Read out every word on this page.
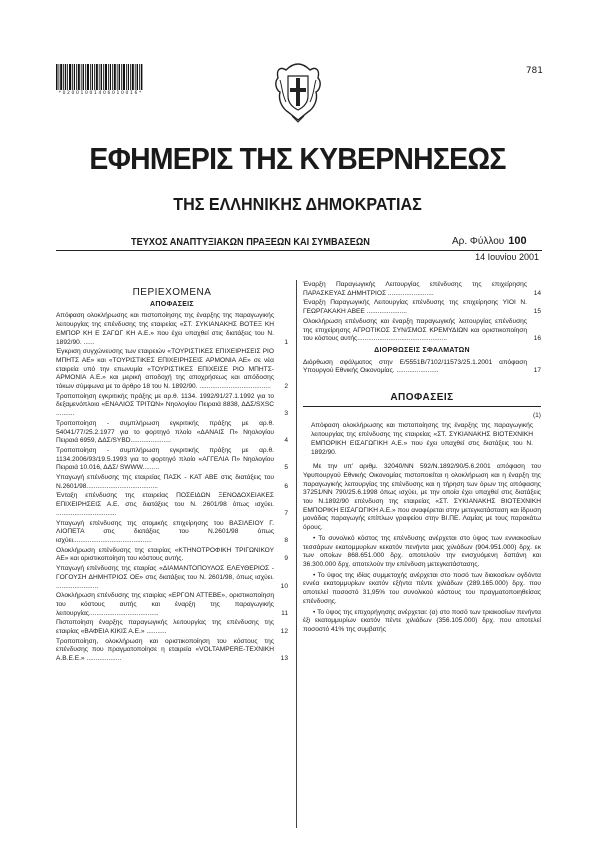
* 0 2 0 0 1 0 0 1 4 0 6 0 1 0 0 1 6 *
781
ΕΦΗΜΕΡΙΣ ΤΗΣ ΚΥΒΕΡΝΗΣΕΩΣ
ΤΗΣ ΕΛΛΗΝΙΚΗΣ ΔΗΜΟΚΡΑΤΙΑΣ
ΤΕΥΧΟΣ ΑΝΑΠΤΥΞΙΑΚΩΝ ΠΡΑΞΕΩΝ ΚΑΙ ΣΥΜΒΑΣΕΩΝ	Αρ. Φύλλου 100
14 Ιουνίου 2001
ΠΕΡΙΕΧΟΜΕΝΑ
ΑΠΟΦΑΣΕΙΣ
Απόφαση ολοκλήρωσης και πιστοποίησης της έναρξης της παραγωγικής λειτουργίας της επένδυσης της εταιρείας «ΣΤ. ΣΥΚΙΑΝΑΚΗΣ ΒΟΤΕΞ ΚΗ ΕΜΠΟΡ ΚΗ Ε ΣΑΓΩΓ ΚΗ Α.Ε.» που έχει υπαχθεί στις διατάξεις του Ν. 1892/90. ......	1
Έγκριση συγχώνευσης των εταιρειών «ΤΟΥΡΙΣΤΙΚΕΣ ΕΠΙΧΕΙΡΗΣΕΙΣ ΡΙΟ ΜΠΗΤΣ ΑΕ» και «ΤΟΥΡΙΣΤΙΚΕΣ ΕΠΙΧΕΙΡΗΣΕΙΣ ΑΡΜΟΝΙΑ ΑΕ» σε νέα εταιρεία υπό την επωνυμία «ΤΟΥΡΙΣΤΙΚΕΣ ΕΠΙΧΕΙΣΕ ΡΙΟ ΜΠΗΤΣ-ΑΡΜΟΝΙΑ Α.Ε.» και μερική αποδοχή της αποχρήσεως και απόδοσης τόκων σύμφωνα με το άρθρο 18 του Ν. 1892/90. .......................................	2
Τροποποίηση εγκριτικής πράξης με αρ.θ. 1134. 1992/91/27.1.1992 για το δεξαμενόπλοιο «ΕΝΑΛΙΟΣ ΤΡΙΤΩΝ» Νηολογίου Πειραιά 8838, ΔΔΣ/SXSC ..........	3
Τροποποίηση - συμπλήρωση εγκριτικής πράξης με αρ.θ. 54041/77/25.2.1977 για το φορτηγό πλοίο «ΔΑΝΑΙΣ Π» Νηολογίου Πειραιά 6959, ΔΔΣ/SYBD......................	4
Τροποποίηση - συμπλήρωση εγκριτικής πράξης με αρ.θ. 1134.2006/93/19.5.1993 για το φορτηγό πλοίο «ΑΓΓΕΛΙΑ Π» Νηολογίου Πειραιά 10.016, ΔΔΣ/ SWWW.........	5
Υπαγωγή επένδυσης της εταιρείας ΠΑΣΚ - ΚΑΤ ΑΒΕ στις διατάξεις του Ν.2601/98.......................................	6
Ένταξη επένδυσης της εταιρείας ΠΟΣΕΙΔΩΝ ΞΕΝΟΔΟΧΕΙΑΚΕΣ ΕΠΙΧΕΙΡΗΣΕΙΣ Α.Ε. στις διατάξεις του Ν. 2601/98 όπως ισχύει. .................................	7
Υπαγωγή επένδυσης της ατομικής επιχείρησης του ΒΑΣΙΛΕΙΟΥ Γ. ΛΙΟΠΕΤΑ στις διατάξεις του Ν.2601/98 όπως ισχύει...........................................	8
Ολοκλήρωση επένδυσης της εταιρίας «ΚΤΗΝΟΤΡΟΦΙΚΗ ΤΡΙΓΩΝΙΚΟΥ ΑΕ» και οριστικοποίηση του κόστους αυτής.	9
Υπαγωγή επένδυσης της εταιρίας «ΔΙΑΜΑΝΤΟΠΟΥΛΟΣ ΕΛΕΥΘΕΡΙΟΣ - ΓΟΓΟΥΣΗ ΔΗΜΗΤΡΙΟΣ ΟΕ» στις διατάξεις του Ν. 2601/98, όπως ισχύει. .......................	10
Ολοκλήρωση επένδυσης της εταιρίας «ΕΡΓΟΝ ΑΤΤΕΒΕ», οριστικοποίηση του κόστους αυτής και έναρξη της παραγωγικής λειτουργίας......................................	11
Πιστοποίηση έναρξης παραγωγικής λειτουργίας της επένδυσης της εταιρίας «ΒΑΦΕΙΑ ΚΙΚΙΣ Α.Ε.» ...........	12
Τροποποίηση, ολοκλήρωση και οριστικοποίηση του κόστους της επένδυσης που πραγματοποίησε η εταιρεία «VOLTAMPERE-ΤΕΧΝΙΚΗ Α.Β.Ε.Ε.» ...................	13
Έναρξη Παραγωγικής Λειτουργίας επένδυσης της επιχείρησης ΠΑΡΑΣΚΕΥΑΣ ΔΗΜΗΤΡΙΟΣ .........................	14
Έναρξη Παραγωγικής Λειτουργίας επένδυσης της επιχείρησης ΥΙΟΙ Ν. ΓΕΩΡΓΑΚΑΚΗ ΑΒΕΕ ......................	15
Ολοκλήρωση επένδυσης και έναρξη παραγωγικής λειτουργίας επένδυσης της επιχείρησης ΑΓΡΟΤΙΚΟΣ ΣΥΝ/ΣΜΟΣ ΚΡΕΜΥΔΙΩΝ και οριστικοποίηση του κόστους αυτής.................................................	16
ΔΙΟΡΘΩΣΕΙΣ ΣΦΑΛΜΑΤΩΝ
Διόρθωση σφάλματος στην Ε/5551Β/7102/11573/25.1.2001 απόφαση Υπουργού Εθνικής Οικονομίας. .......................	17
ΑΠΟΦΑΣΕΙΣ
(1)
Απόφαση ολοκλήρωσης και πιστοποίησης της έναρξης της παραγωγικής λειτουργίας της επένδυσης της εταιρείας «ΣΤ. ΣΥΚΙΑΝΑΚΗΣ ΒΙΟΤΕΧΝΙΚΗ ΕΜΠΟΡΙΚΗ ΕΙΣΑΓΩΓΙΚΗ Α.Ε.» που έχει υπαχθεί στις διατάξεις του Ν. 1892/90.
Με την υπ’ αριθμ. 32040/ΝΝ 592/Ν.1892/90/5.6.2001 απόφαση του Υφυπουργού Εθνικής Οικονομίας πιστοποιείται η ολοκλήρωση και η έναρξη της παραγωγικής λειτουργίας της επένδυσης και η τήρηση των όρων της απόφασης 37251/ΝΝ 790/25.6.1998 όπως ισχύει, με την οποία έχει υπαχθεί στις διατάξεις του Ν.1892/90 επένδυση της εταιρείας «ΣΤ. ΣΥΚΙΑΝΑΚΗΣ ΒΙΟΤΕΧΝΙΚΗ ΕΜΠΟΡΙΚΗ ΕΙΣΑΓΩΓΙΚΗ Α.Ε.» που αναφέρεται στην μετεγκατάσταση και ίδρυση μονάδας παραγωγής επίπλων γραφείου στην ΒΙ.ΠΕ. Λαμίας με τους παρακάτω όρους.
• Το συνολικό κόστος της επένδυσης ανέρχεται στο ύψος των εννιακοσίων τεσσάρων εκατομμυρίων κεκατόν πενήντα μιας χιλιάδων (904.951.000) δρχ. εκ των οποίων 868.651.000 δρχ. αποτελούν την ενισχυόμενη δαπάνη και 36.300.000 δρχ. αποτελούν την επένδυση μετεγκατάστασης.
• Το ύψος της ιδίας συμμετοχής ανέρχεται στο ποσό των διακοσίων ογδόντα εννέα εκατομμυρίων εκατόν εξήντα πέντε χιλιάδων (289.165.000) δρχ. που αποτελεί ποσοστό 31,95% του συνολικού κόστους του πραγματοποιηθείσας επένδυσης.
• Το ύψος της επιχορήγησης ανέρχεται: (α) στο ποσό των τριακοσίων πενήντα έξι εκατομμυρίων εκατόν πέντε χιλιάδων (356.105.000) δρχ. που αποτελεί ποσοστό 41% της συμβατής
